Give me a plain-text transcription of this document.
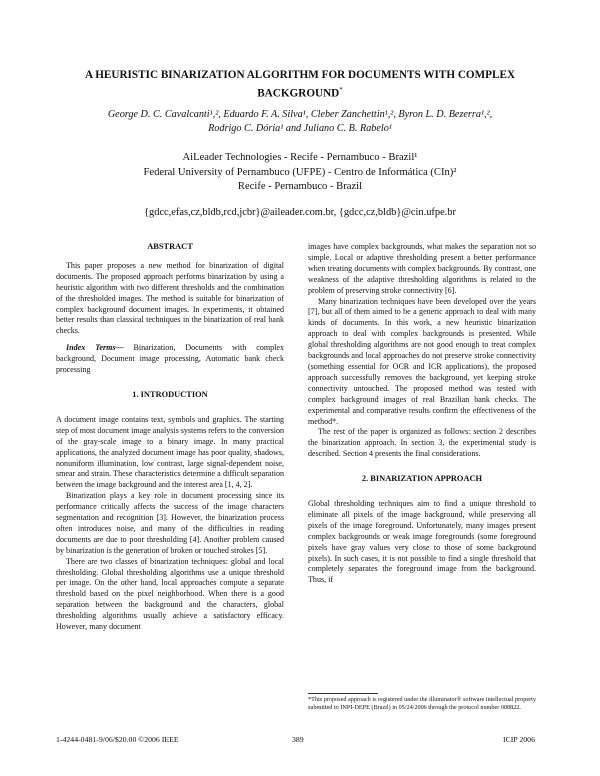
A HEURISTIC BINARIZATION ALGORITHM FOR DOCUMENTS WITH COMPLEX
BACKGROUND*
George D. C. Cavalcanti¹,², Eduardo F. A. Silva¹, Cleber Zanchettin¹,², Byron L. D. Bezerra¹,²,
Rodrigo C. Dória¹ and Juliano C. B. Rabelo¹
AiLeader Technologies - Recife - Pernambuco - Brazil¹
Federal University of Pernambuco (UFPE) - Centro de Informática (CIn)²
Recife - Pernambuco - Brazil
{gdcc,efas,cz,bldb,rcd,jcbr}@aileader.com.br, {gdcc,cz,bldb}@cin.ufpe.br
ABSTRACT

This paper proposes a new method for binarization of digital documents. The proposed approach performs binarization by using a heuristic algorithm with two different thresholds and the combination of the thresholded images. The method is suitable for binarization of complex background document images. In experiments, it obtained better results than classical techniques in the binarization of real bank checks.

Index Terms— Binarization, Documents with complex background, Document image processing, Automatic bank check processing

1. INTRODUCTION

A document image contains text, symbols and graphics. The starting step of most document image analysis systems refers to the conversion of the gray-scale image to a binary image. In many practical applications, the analyzed document image has poor quality, shadows, nonuniform illumination, low contrast, large signal-dependent noise, smear and strain. These characteristics determine a difficult separation between the image background and the interest area [1, 4, 2].

Binarization plays a key role in document processing since its performance critically affects the success of the image characters segmentation and recognition [3]. However, the binarization process often introduces noise, and many of the difficulties in reading documents are due to poor thresholding [4]. Another problem caused by binarization is the generation of broken or touched strokes [5].

There are two classes of binarization techniques: global and local thresholding. Global thresholding algorithms use a unique threshold per image. On the other hand, local approaches compute a separate threshold based on the pixel neighborhood. When there is a good separation between the background and the characters, global thresholding algorithms usually achieve a satisfactory efficacy. However, many document

images have complex backgrounds, what makes the separation not so simple. Local or adaptive thresholding present a better performance when treating documents with complex backgrounds. By contrast, one weakness of the adaptive thresholding algorithms is related to the problem of preserving stroke connectivity [6].

Many binarization techniques have been developed over the years [7], but all of them aimed to be a generic approach to deal with many kinds of documents. In this work, a new heuristic binarization approach to deal with complex backgrounds is presented. While global thresholding algorithms are not good enough to treat complex backgrounds and local approaches do not preserve stroke connectivity (something essential for OCR and ICR applications), the proposed approach successfully removes the background, yet keeping stroke connectivity untouched. The proposed method was tested with complex background images of real Brazilian bank checks. The experimental and comparative results confirm the effectiveness of the method*.

The rest of the paper is organized as follows: section 2 describes the binarization approach. In section 3, the experimental study is described. Section 4 presents the final considerations.

2. BINARIZATION APPROACH

Global thresholding techniques aim to find a unique threshold to eliminate all pixels of the image background, while preserving all pixels of the image foreground. Unfortunately, many images present complex backgrounds or weak image foregrounds (some foreground pixels have gray values very close to those of some background pixels). In such cases, it is not possible to find a single threshold that completely separates the foreground image from the background. Thus, if

*This proposed approach is registered under the illuminator® software intellectual property submitted to INPI-DEPE (Brazil) in 05/24/2006 through the protocol number 008822.
1-4244-0481-9/06/$20.00 ©2006 IEEE	389	ICIP 2006
